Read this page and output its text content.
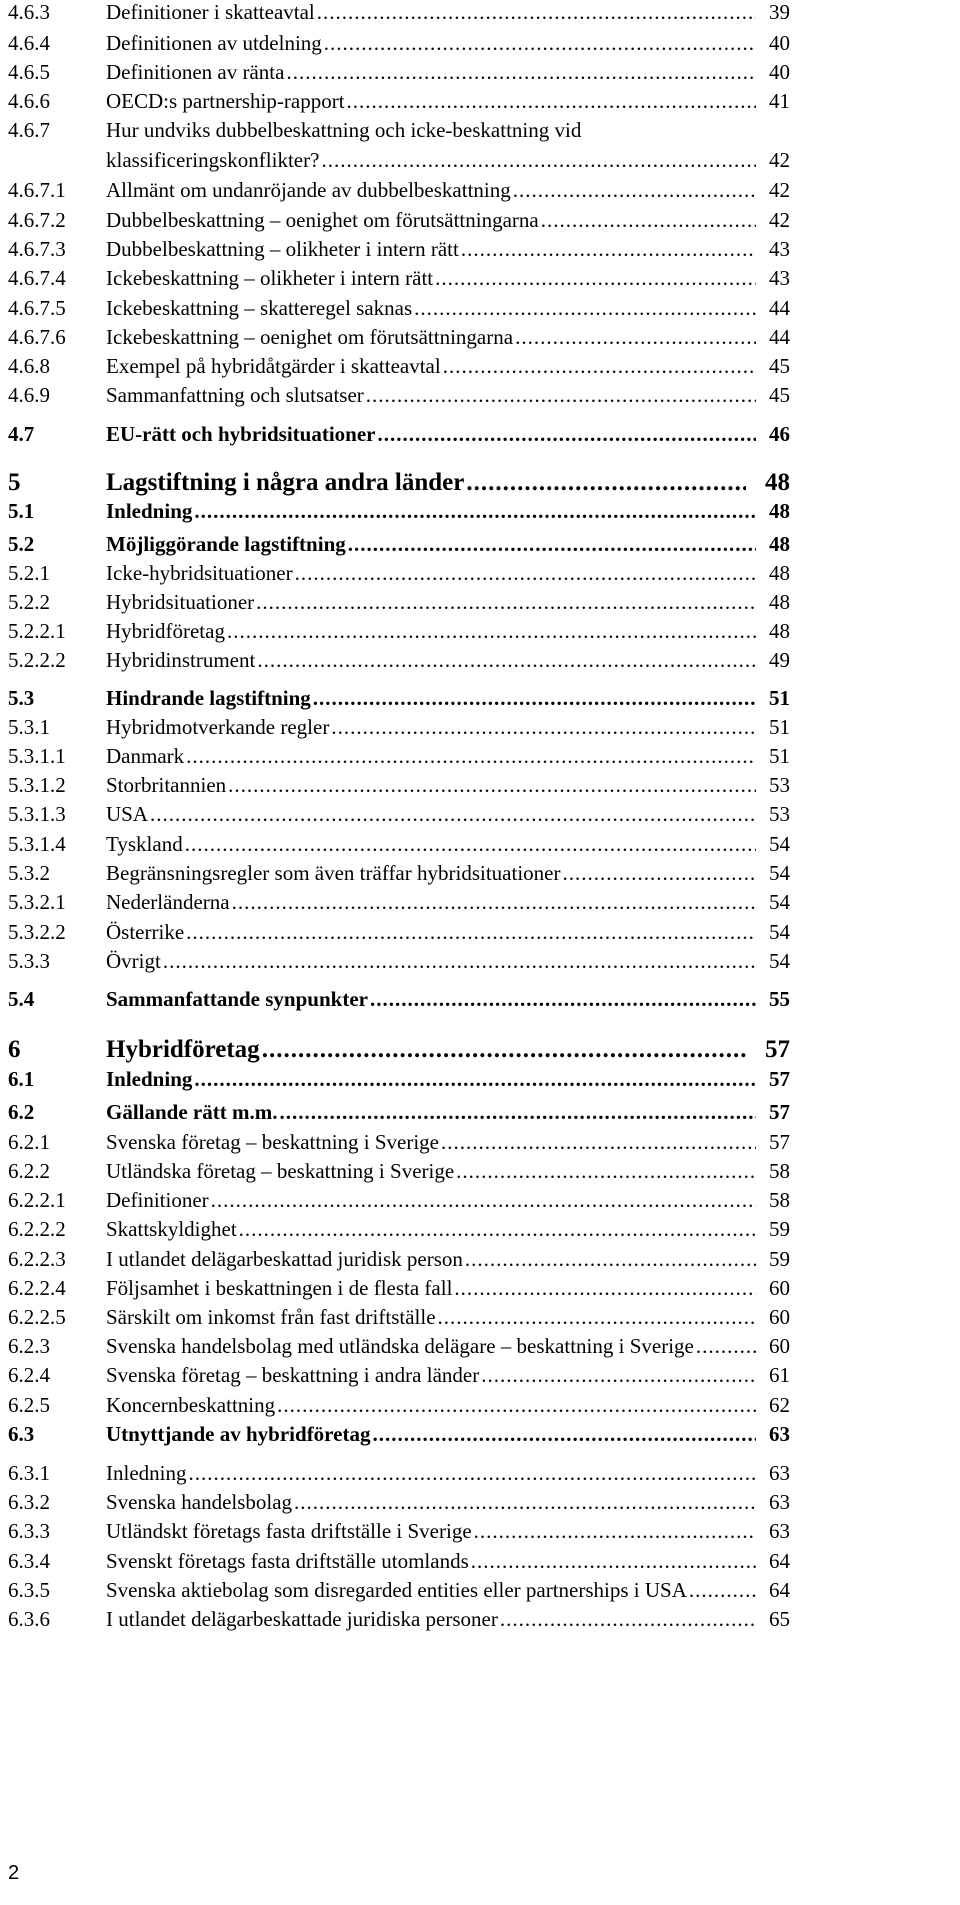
4.6.3	Definitioner i skatteavtal .....	39
4.6.4	Definitionen av utdelning .....	40
4.6.5	Definitionen av ränta .....	40
4.6.6	OECD:s partnership-rapport .....	41
4.6.7	Hur undviks dubbelbeskattning och icke-beskattning vid
klassificeringskonflikter? .....	42
4.6.7.1 Allmänt om undanröjande av dubbelbeskattning .....	42
4.6.7.2 Dubbelbeskattning – oenighet om förutsättningarna .....	42
4.6.7.3 Dubbelbeskattning – olikheter i intern rätt .....	43
4.6.7.4 Ickebeskattning – olikheter i intern rätt .....	43
4.6.7.5 Ickebeskattning – skatteregel saknas .....	44
4.6.7.6 Ickebeskattning – oenighet om förutsättningarna .....	44
4.6.8	Exempel på hybridåtgärder i skatteavtal .....	45
4.6.9	Sammanfattning och slutsatser .....	45
4.7	EU-rätt och hybridsituationer .....	46
5	Lagstiftning i några andra länder .....	48
5.1	Inledning .....	48
5.2	Möjliggörande lagstiftning .....	48
5.2.1	Icke-hybridsituationer .....	48
5.2.2	Hybridsituationer .....	48
5.2.2.1 Hybridföretag .....	48
5.2.2.2 Hybridinstrument .....	49
5.3	Hindrande lagstiftning .....	51
5.3.1	Hybridmotverkande regler .....	51
5.3.1.1 Danmark .....	51
5.3.1.2 Storbritannien .....	53
5.3.1.3 USA .....	53
5.3.1.4 Tyskland .....	54
5.3.2	Begränsningsregler som även träffar hybridsituationer .....	54
5.3.2.1 Nederländerna .....	54
5.3.2.2 Österrike .....	54
5.3.3	Övrigt .....	54
5.4	Sammanfattande synpunkter .....	55
6	Hybridföretag .....	57
6.1	Inledning .....	57
6.2	Gällande rätt m.m. .....	57
6.2.1	Svenska företag – beskattning i Sverige .....	57
6.2.2	Utländska företag – beskattning i Sverige .....	58
6.2.2.1 Definitioner .....	58
6.2.2.2 Skattskyldighet .....	59
6.2.2.3 I utlandet delägarbeskattad juridisk person .....	59
6.2.2.4 Följsamhet i beskattningen i de flesta fall .....	60
6.2.2.5 Särskilt om inkomst från fast driftställe .....	60
6.2.3	Svenska handelsbolag med utländska delägare – beskattning i Sverige .....	60
6.2.4	Svenska företag – beskattning i andra länder .....	61
6.2.5	Koncernbeskattning .....	62
6.3	Utnyttjande av hybridföretag .....	63
6.3.1	Inledning .....	63
6.3.2	Svenska handelsbolag .....	63
6.3.3	Utländskt företags fasta driftställe i Sverige .....	63
6.3.4	Svenskt företags fasta driftställe utomlands .....	64
6.3.5	Svenska aktiebolag som disregarded entities eller partnerships i USA .....	64
6.3.6	I utlandet delägarbeskattade juridiska personer .....	65
2
